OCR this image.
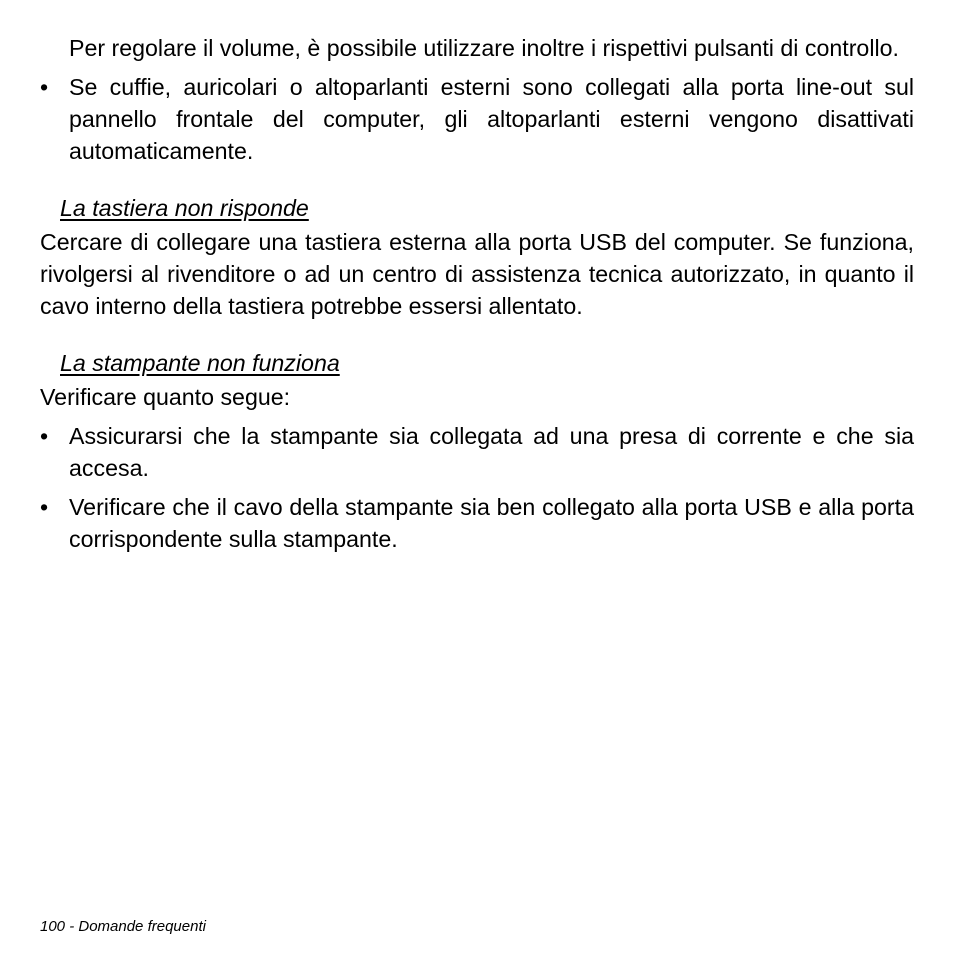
Per regolare il volume, è possibile utilizzare inoltre i rispettivi pulsanti di controllo.

• Se cuffie, auricolari o altoparlanti esterni sono collegati alla porta line-out sul pannello frontale del computer, gli altoparlanti esterni vengono disattivati automaticamente.

La tastiera non risponde

Cercare di collegare una tastiera esterna alla porta USB del computer. Se funziona, rivolgersi al rivenditore o ad un centro di assistenza tecnica autorizzato, in quanto il cavo interno della tastiera potrebbe essersi allentato.

La stampante non funziona

Verificare quanto segue:

• Assicurarsi che la stampante sia collegata ad una presa di corrente e che sia accesa.
• Verificare che il cavo della stampante sia ben collegato alla porta USB e alla porta corrispondente sulla stampante.
100 - Domande frequenti
